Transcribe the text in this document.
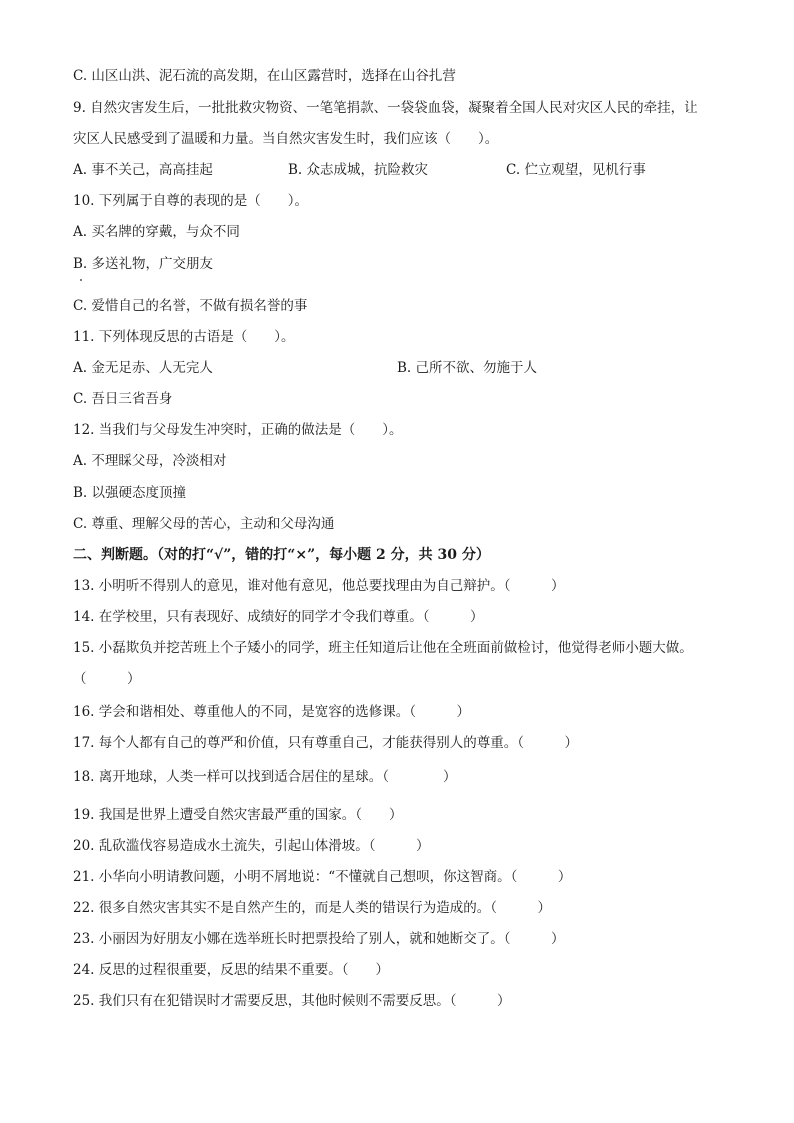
C. 山区山洪、泥石流的高发期，在山区露营时，选择在山谷扎营
9. 自然灾害发生后，一批批救灾物资、一笔笔捐款、一袋袋血袋，凝聚着全国人民对灾区人民的牵挂，让
灾区人民感受到了温暖和力量。当自然灾害发生时，我们应该（　　）。
A. 事不关己，高高挂起	B. 众志成城，抗险救灾	C. 伫立观望，见机行事
10. 下列属于自尊的表现的是（　　）。
A. 买名牌的穿戴，与众不同
B. 多送礼物，广交朋友
C. 爱惜自己的名誉，不做有损名誉的事
11. 下列体现反思的古语是（　　）。
A. 金无足赤、人无完人	B. 己所不欲、勿施于人
C. 吾日三省吾身
12. 当我们与父母发生冲突时，正确的做法是（　　）。
A. 不理睬父母，冷淡相对
B. 以强硬态度顶撞
C. 尊重、理解父母的苦心，主动和父母沟通
二、判断题。（对的打“√”，错的打“×”，每小题 2 分，共 30 分）
13. 小明听不得别人的意见，谁对他有意见，他总要找理由为自己辩护。（　　　）
14. 在学校里，只有表现好、成绩好的同学才令我们尊重。（　　　）
15. 小磊欺负并挖苦班上个子矮小的同学，班主任知道后让他在全班面前做检讨，他觉得老师小题大做。
（　　　）
16. 学会和谐相处、尊重他人的不同，是宽容的选修课。（　　　）
17. 每个人都有自己的尊严和价值，只有尊重自己，才能获得别人的尊重。（　　　）
18. 离开地球，人类一样可以找到适合居住的星球。（　　　　）
19. 我国是世界上遭受自然灾害最严重的国家。（　　）
20. 乱砍滥伐容易造成水土流失，引起山体滑坡。（　　　）
21. 小华向小明请教问题，小明不屑地说：“不懂就自己想呗，你这智商。（　　　）
22. 很多自然灾害其实不是自然产生的，而是人类的错误行为造成的。（　　　）
23. 小丽因为好朋友小娜在选举班长时把票投给了别人，就和她断交了。（　　　）
24. 反思的过程很重要，反思的结果不重要。（　　）
25. 我们只有在犯错误时才需要反思，其他时候则不需要反思。（　　　）
